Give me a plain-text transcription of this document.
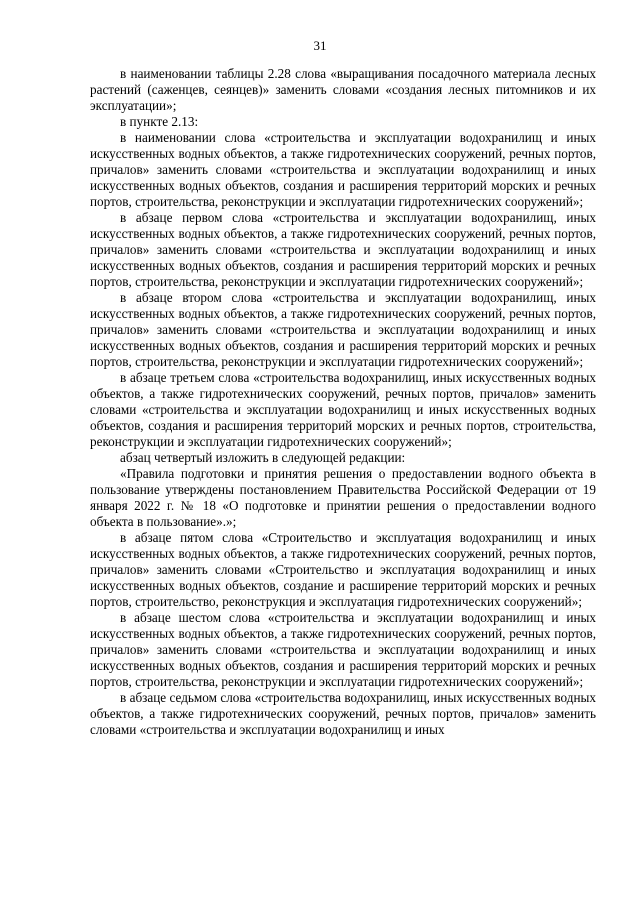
31

в наименовании таблицы 2.28 слова «выращивания посадочного материала лесных растений (саженцев, сеянцев)» заменить словами «создания лесных питомников и их эксплуатации»;

в пункте 2.13:

в наименовании слова «строительства и эксплуатации водохранилищ и иных искусственных водных объектов, а также гидротехнических сооружений, речных портов, причалов» заменить словами «строительства и эксплуатации водохранилищ и иных искусственных водных объектов, создания и расширения территорий морских и речных портов, строительства, реконструкции и эксплуатации гидротехнических сооружений»;

в абзаце первом слова «строительства и эксплуатации водохранилищ, иных искусственных водных объектов, а также гидротехнических сооружений, речных портов, причалов» заменить словами «строительства и эксплуатации водохранилищ и иных искусственных водных объектов, создания и расширения территорий морских и речных портов, строительства, реконструкции и эксплуатации гидротехнических сооружений»;

в абзаце втором слова «строительства и эксплуатации водохранилищ, иных искусственных водных объектов, а также гидротехнических сооружений, речных портов, причалов» заменить словами «строительства и эксплуатации водохранилищ и иных искусственных водных объектов, создания и расширения территорий морских и речных портов, строительства, реконструкции и эксплуатации гидротехнических сооружений»;

в абзаце третьем слова «строительства водохранилищ, иных искусственных водных объектов, а также гидротехнических сооружений, речных портов, причалов» заменить словами «строительства и эксплуатации водохранилищ и иных искусственных водных объектов, создания и расширения территорий морских и речных портов, строительства, реконструкции и эксплуатации гидротехнических сооружений»;

абзац четвертый изложить в следующей редакции:

«Правила подготовки и принятия решения о предоставлении водного объекта в пользование утверждены постановлением Правительства Российской Федерации от 19 января 2022 г. № 18 «О подготовке и принятии решения о предоставлении водного объекта в пользование».»;

в абзаце пятом слова «Строительство и эксплуатация водохранилищ и иных искусственных водных объектов, а также гидротехнических сооружений, речных портов, причалов» заменить словами «Строительство и эксплуатация водохранилищ и иных искусственных водных объектов, создание и расширение территорий морских и речных портов, строительство, реконструкция и эксплуатация гидротехнических сооружений»;

в абзаце шестом слова «строительства и эксплуатации водохранилищ и иных искусственных водных объектов, а также гидротехнических сооружений, речных портов, причалов» заменить словами «строительства и эксплуатации водохранилищ и иных искусственных водных объектов, создания и расширения территорий морских и речных портов, строительства, реконструкции и эксплуатации гидротехнических сооружений»;

в абзаце седьмом слова «строительства водохранилищ, иных искусственных водных объектов, а также гидротехнических сооружений, речных портов, причалов» заменить словами «строительства и эксплуатации водохранилищ и иных
